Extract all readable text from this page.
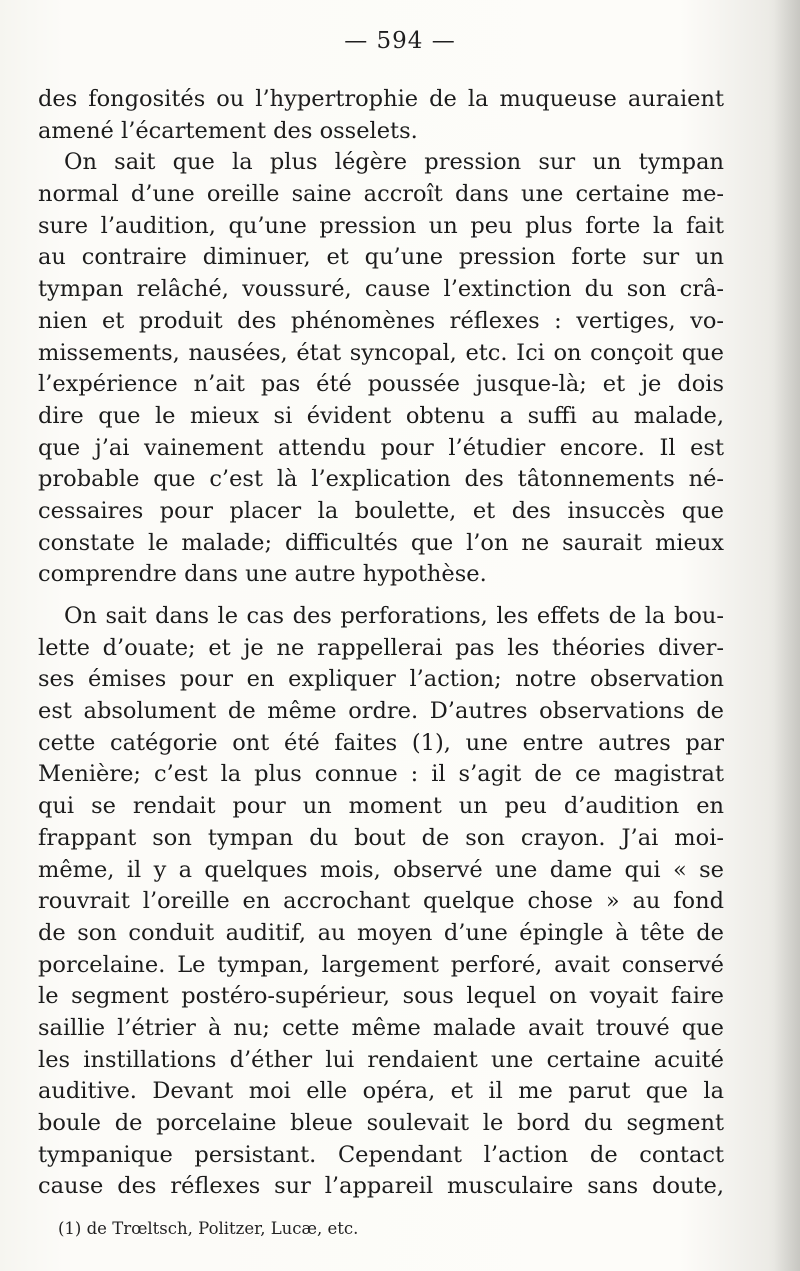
— 594 —
des fongosités ou l’hypertrophie de la muqueuse auraient
amené l’écartement des osselets.
On sait que la plus légère pression sur un tympan
normal d’une oreille saine accroît dans une certaine me-
sure l’audition, qu’une pression un peu plus forte la fait
au contraire diminuer, et qu’une pression forte sur un
tympan relâché, voussuré, cause l’extinction du son crâ-
nien et produit des phénomènes réflexes : vertiges, vo-
missements, nausées, état syncopal, etc. Ici on conçoit que
l’expérience n’ait pas été poussée jusque-là; et je dois
dire que le mieux si évident obtenu a suffi au malade,
que j’ai vainement attendu pour l’étudier encore. Il est
probable que c’est là l’explication des tâtonnements né-
cessaires pour placer la boulette, et des insuccès que
constate le malade; difficultés que l’on ne saurait mieux
comprendre dans une autre hypothèse.
On sait dans le cas des perforations, les effets de la bou-
lette d’ouate; et je ne rappellerai pas les théories diver-
ses émises pour en expliquer l’action; notre observation
est absolument de même ordre. D’autres observations de
cette catégorie ont été faites (1), une entre autres par
Menière; c’est la plus connue : il s’agit de ce magistrat
qui se rendait pour un moment un peu d’audition en
frappant son tympan du bout de son crayon. J’ai moi-
même, il y a quelques mois, observé une dame qui « se
rouvrait l’oreille en accrochant quelque chose » au fond
de son conduit auditif, au moyen d’une épingle à tête de
porcelaine. Le tympan, largement perforé, avait conservé
le segment postéro-supérieur, sous lequel on voyait faire
saillie l’étrier à nu; cette même malade avait trouvé que
les instillations d’éther lui rendaient une certaine acuité
auditive. Devant moi elle opéra, et il me parut que la
boule de porcelaine bleue soulevait le bord du segment
tympanique persistant. Cependant l’action de contact
cause des réflexes sur l’appareil musculaire sans doute,
(1) de Trœltsch, Politzer, Lucæ, etc.
